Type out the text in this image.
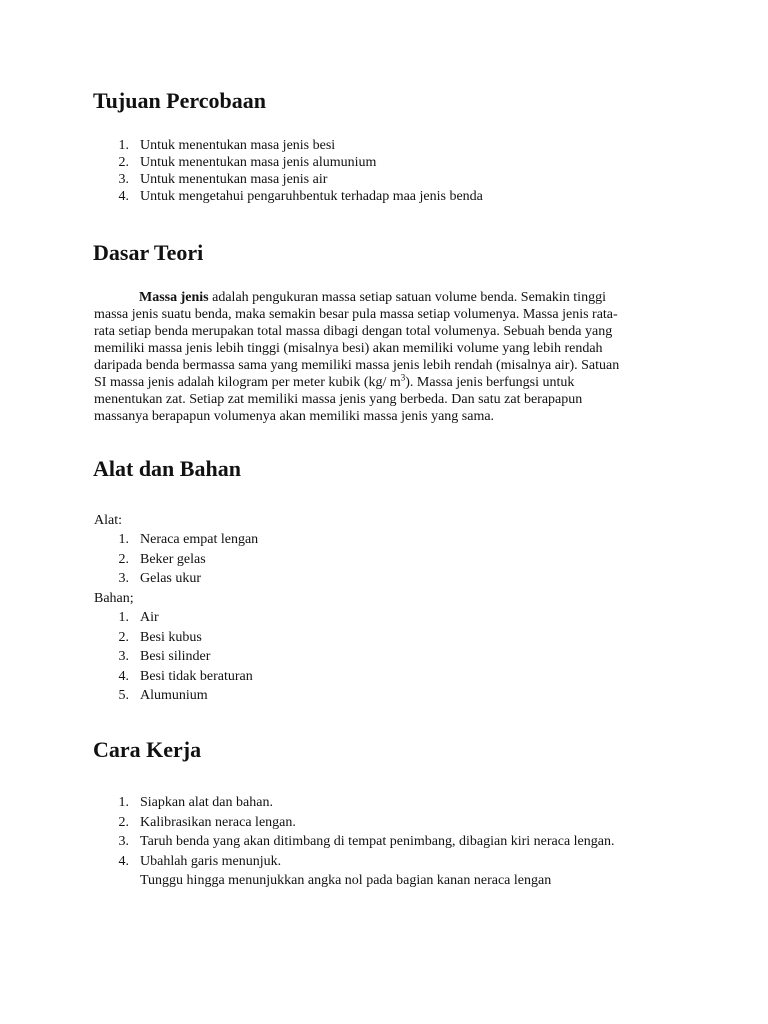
Tujuan Percobaan
1. Untuk menentukan masa jenis besi
2. Untuk menentukan masa jenis alumunium
3. Untuk menentukan masa jenis air
4. Untuk mengetahui pengaruhbentuk terhadap maa jenis benda
Dasar Teori
Massa jenis adalah pengukuran massa setiap satuan volume benda. Semakin tinggi
massa jenis suatu benda, maka semakin besar pula massa setiap volumenya. Massa jenis rata-
rata setiap benda merupakan total massa dibagi dengan total volumenya. Sebuah benda yang
memiliki massa jenis lebih tinggi (misalnya besi) akan memiliki volume yang lebih rendah
daripada benda bermassa sama yang memiliki massa jenis lebih rendah (misalnya air). Satuan
SI massa jenis adalah kilogram per meter kubik (kg/ $m^3$). Massa jenis berfungsi untuk
menentukan zat. Setiap zat memiliki massa jenis yang berbeda. Dan satu zat berapapun
massanya berapapun volumenya akan memiliki massa jenis yang sama.
Alat dan Bahan
Alat:
1. Neraca empat lengan
2. Beker gelas
3. Gelas ukur
Bahan;
1. Air
2. Besi kubus
3. Besi silinder
4. Besi tidak beraturan
5. Alumunium
Cara Kerja
1. Siapkan alat dan bahan.
2. Kalibrasikan neraca lengan.
3. Taruh benda yang akan ditimbang di tempat penimbang, dibagian kiri neraca lengan.
4. Ubahlah garis menunjuk.
Tunggu hingga menunjukkan angka nol pada bagian kanan neraca lengan
